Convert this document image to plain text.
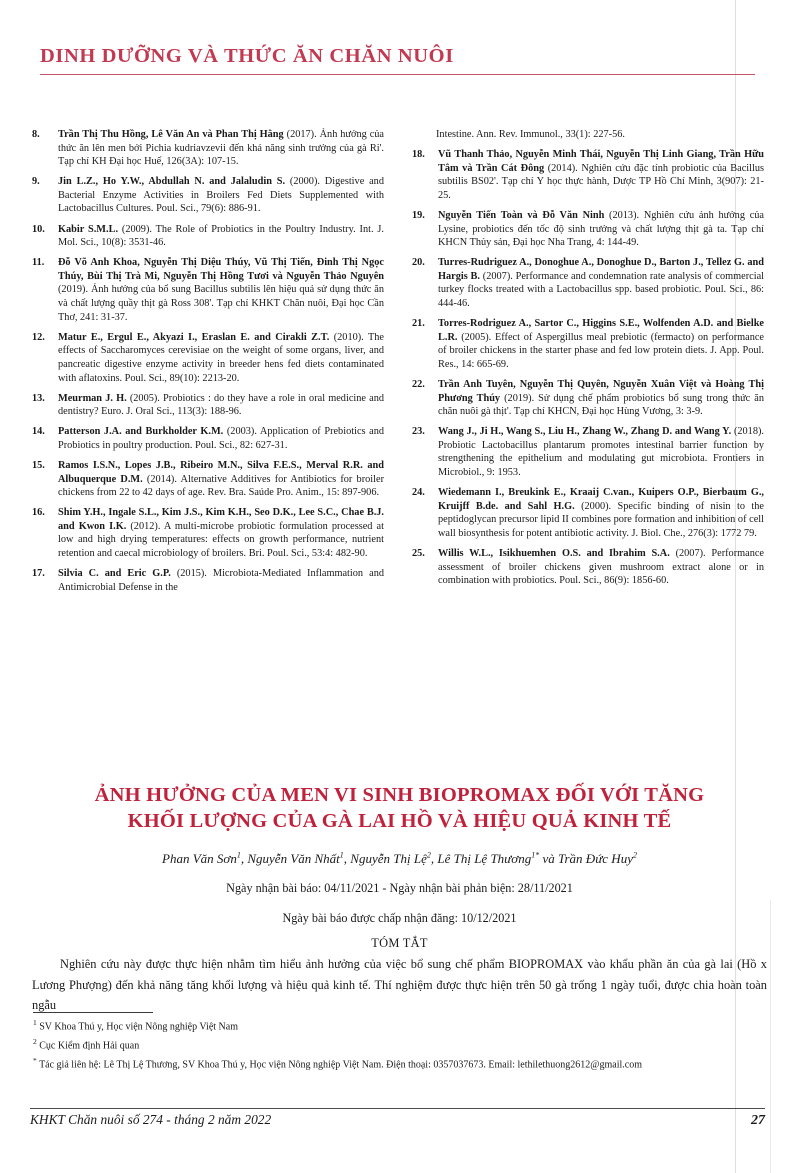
DINH DƯỠNG VÀ THỨC ĂN CHĂN NUÔI
8.	Trần Thị Thu Hồng, Lê Văn An và Phan Thị Hằng (2017). Ảnh hưởng của thức ăn lên men bởi Pichia kudriavzevii đến khả năng sinh trưởng của gà Ri'. Tạp chí KH Đại học Huế, 126(3A): 107-15.
9.	Jin L.Z., Ho Y.W., Abdullah N. and Jalaludin S. (2000). Digestive and Bacterial Enzyme Activities in Broilers Fed Diets Supplemented with Lactobacillus Cultures. Poul. Sci., 79(6): 886-91.
10.	Kabir S.M.L. (2009). The Role of Probiotics in the Poultry Industry. Int. J. Mol. Sci., 10(8): 3531-46.
11.	Đỗ Võ Anh Khoa, Nguyễn Thị Diệu Thúy, Vũ Thị Tiến, Đinh Thị Ngọc Thúy, Bùi Thị Trà Mi, Nguyễn Thị Hồng Tươi và Nguyễn Thảo Nguyên (2019). Ảnh hưởng của bổ sung Bacillus subtilis lên hiệu quả sử dụng thức ăn và chất lượng quầy thịt gà Ross 308'. Tạp chí KHKT Chăn nuôi, Đại học Cần Thơ, 241: 31-37.
12.	Matur E., Ergul E., Akyazi I., Eraslan E. and Cirakli Z.T. (2010). The effects of Saccharomyces cerevisiae on the weight of some organs, liver, and pancreatic digestive enzyme activity in breeder hens fed diets contaminated with aflatoxins. Poul. Sci., 89(10): 2213-20.
13.	Meurman J. H. (2005). Probiotics : do they have a role in oral medicine and dentistry? Euro. J. Oral Sci., 113(3): 188-96.
14.	Patterson J.A. and Burkholder K.M. (2003). Application of Prebiotics and Probiotics in poultry production. Poul. Sci., 82: 627-31.
15.	Ramos I.S.N., Lopes J.B., Ribeiro M.N., Silva F.E.S., Merval R.R. and Albuquerque D.M. (2014). Alternative Additives for Antibiotics for broiler chickens from 22 to 42 days of age. Rev. Bra. Saúde Pro. Anim., 15: 897-906.
16.	Shim Y.H., Ingale S.L., Kim J.S., Kim K.H., Seo D.K., Lee S.C., Chae B.J. and Kwon I.K. (2012). A multi-microbe probiotic formulation processed at low and high drying temperatures: effects on growth performance, nutrient retention and caecal microbiology of broilers. Bri. Poul. Sci., 53:4: 482-90.
17.	Silvia C. and Eric G.P. (2015). Microbiota-Mediated Inflammation and Antimicrobial Defense in the
Intestine. Ann. Rev. Immunol., 33(1): 227-56.
18.	Vũ Thanh Thảo, Nguyễn Minh Thái, Nguyễn Thị Linh Giang, Trần Hữu Tâm và Trần Cát Đông (2014). Nghiên cứu đặc tính probiotic của Bacillus subtilis BS02'. Tạp chí Y học thực hành, Dược TP Hồ Chí Minh, 3(907): 21-25.
19.	Nguyễn Tiến Toàn và Đỗ Văn Ninh (2013). Nghiên cứu ảnh hưởng của Lysine, probiotics đến tốc độ sinh trưởng và chất lượng thịt gà ta. Tạp chí KHCN Thủy sản, Đại học Nha Trang, 4: 144-49.
20.	Turres-Rudriguez A., Donoghue A., Donoghue D., Barton J., Tellez G. and Hargis B. (2007). Performance and condemnation rate analysis of commercial turkey flocks treated with a Lactobacillus spp. based probiotic. Poul. Sci., 86: 444-46.
21.	Torres-Rodriguez A., Sartor C., Higgins S.E., Wolfenden A.D. and Bielke L.R. (2005). Effect of Aspergillus meal prebiotic (fermacto) on performance of broiler chickens in the starter phase and fed low protein diets. J. App. Poul. Res., 14: 665-69.
22.	Trần Anh Tuyên, Nguyễn Thị Quyên, Nguyễn Xuân Việt và Hoàng Thị Phương Thúy (2019). Sử dụng chế phẩm probiotics bổ sung trong thức ăn chăn nuôi gà thịt'. Tạp chí KHCN, Đại học Hùng Vương, 3: 3-9.
23.	Wang J., Ji H., Wang S., Liu H., Zhang W., Zhang D. and Wang Y. (2018). Probiotic Lactobacillus plantarum promotes intestinal barrier function by strengthening the epithelium and modulating gut microbiota. Frontiers in Microbiol., 9: 1953.
24.	Wiedemann I., Breukink E., Kraaij C.van., Kuipers O.P., Bierbaum G., Kruijff B.de. and Sahl H.G. (2000). Specific binding of nisin to the peptidoglycan precursor lipid II combines pore formation and inhibition of cell wall biosynthesis for potent antibiotic activity. J. Biol. Che., 276(3): 1772 79.
25.	Willis W.L., Isikhuemhen O.S. and Ibrahim S.A. (2007). Performance assessment of broiler chickens given mushroom extract alone or in combination with probiotics. Poul. Sci., 86(9): 1856-60.
ẢNH HƯỞNG CỦA MEN VI SINH BIOPROMAX ĐỐI VỚI TĂNG
KHỐI LƯỢNG CỦA GÀ LAI HỒ VÀ HIỆU QUẢ KINH TẾ
Phan Văn Sơn$^1$, Nguyễn Văn Nhất$^1$, Nguyễn Thị Lệ$^2$, Lê Thị Lệ Thương$^{1*}$ và Trần Đức Huy$^2$
Ngày nhận bài báo: 04/11/2021 - Ngày nhận bài phản biện: 28/11/2021
Ngày bài báo được chấp nhận đăng: 10/12/2021
TÓM TẮT
Nghiên cứu này được thực hiện nhằm tìm hiểu ảnh hưởng của việc bổ sung chế phẩm BIOPROMAX vào khẩu phần ăn của gà lai (Hồ x Lương Phượng) đến khả năng tăng khối lượng và hiệu quả kinh tế. Thí nghiệm được thực hiện trên 50 gà trống 1 ngày tuổi, được chia hoàn toàn ngẫu
$^1$ SV Khoa Thú y, Học viện Nông nghiệp Việt Nam
$^2$ Cục Kiểm định Hải quan
* Tác giả liên hệ: Lê Thị Lệ Thương, SV Khoa Thú y, Học viện Nông nghiệp Việt Nam. Điện thoại: 0357037673. Email: lethilethuong2612@gmail.com
KHKT Chăn nuôi số 274 - tháng 2 năm 2022	27
